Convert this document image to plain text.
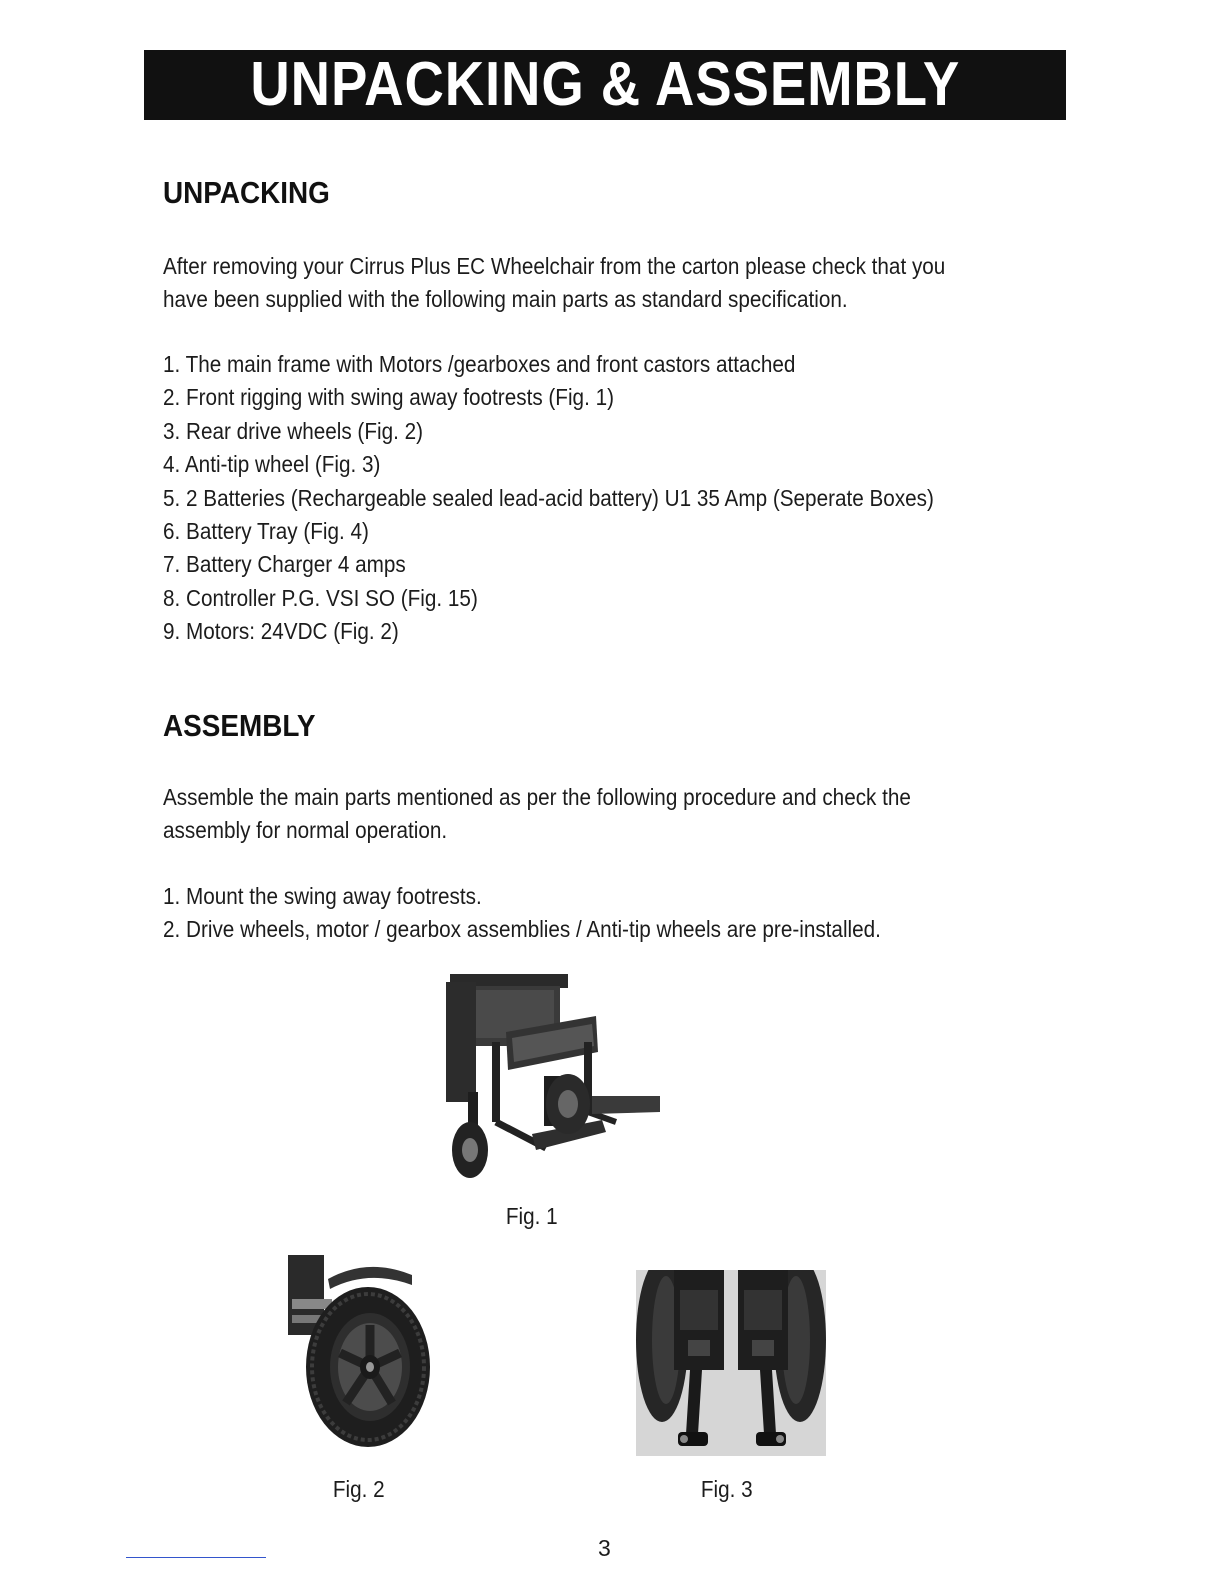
UNPACKING & ASSEMBLY
UNPACKING

After removing your Cirrus Plus EC Wheelchair from the carton please check that you
have been supplied with the following main parts as standard specification.

1. The main frame with Motors /gearboxes and front castors attached
2. Front rigging with swing away footrests (Fig. 1)
3. Rear drive wheels (Fig. 2)
4. Anti-tip wheel (Fig. 3)
5. 2 Batteries (Rechargeable sealed lead-acid battery) U1 35 Amp (Seperate Boxes)
6. Battery Tray (Fig. 4)
7. Battery Charger 4 amps
8. Controller P.G. VSI SO (Fig. 15)
9. Motors: 24VDC (Fig. 2)
ASSEMBLY

Assemble the main parts mentioned as per the following procedure and check the
assembly for normal operation.

1. Mount the swing away footrests.
2. Drive wheels, motor / gearbox assemblies / Anti-tip wheels are pre-installed.
Fig. 1
Fig. 2	Fig. 3
3
